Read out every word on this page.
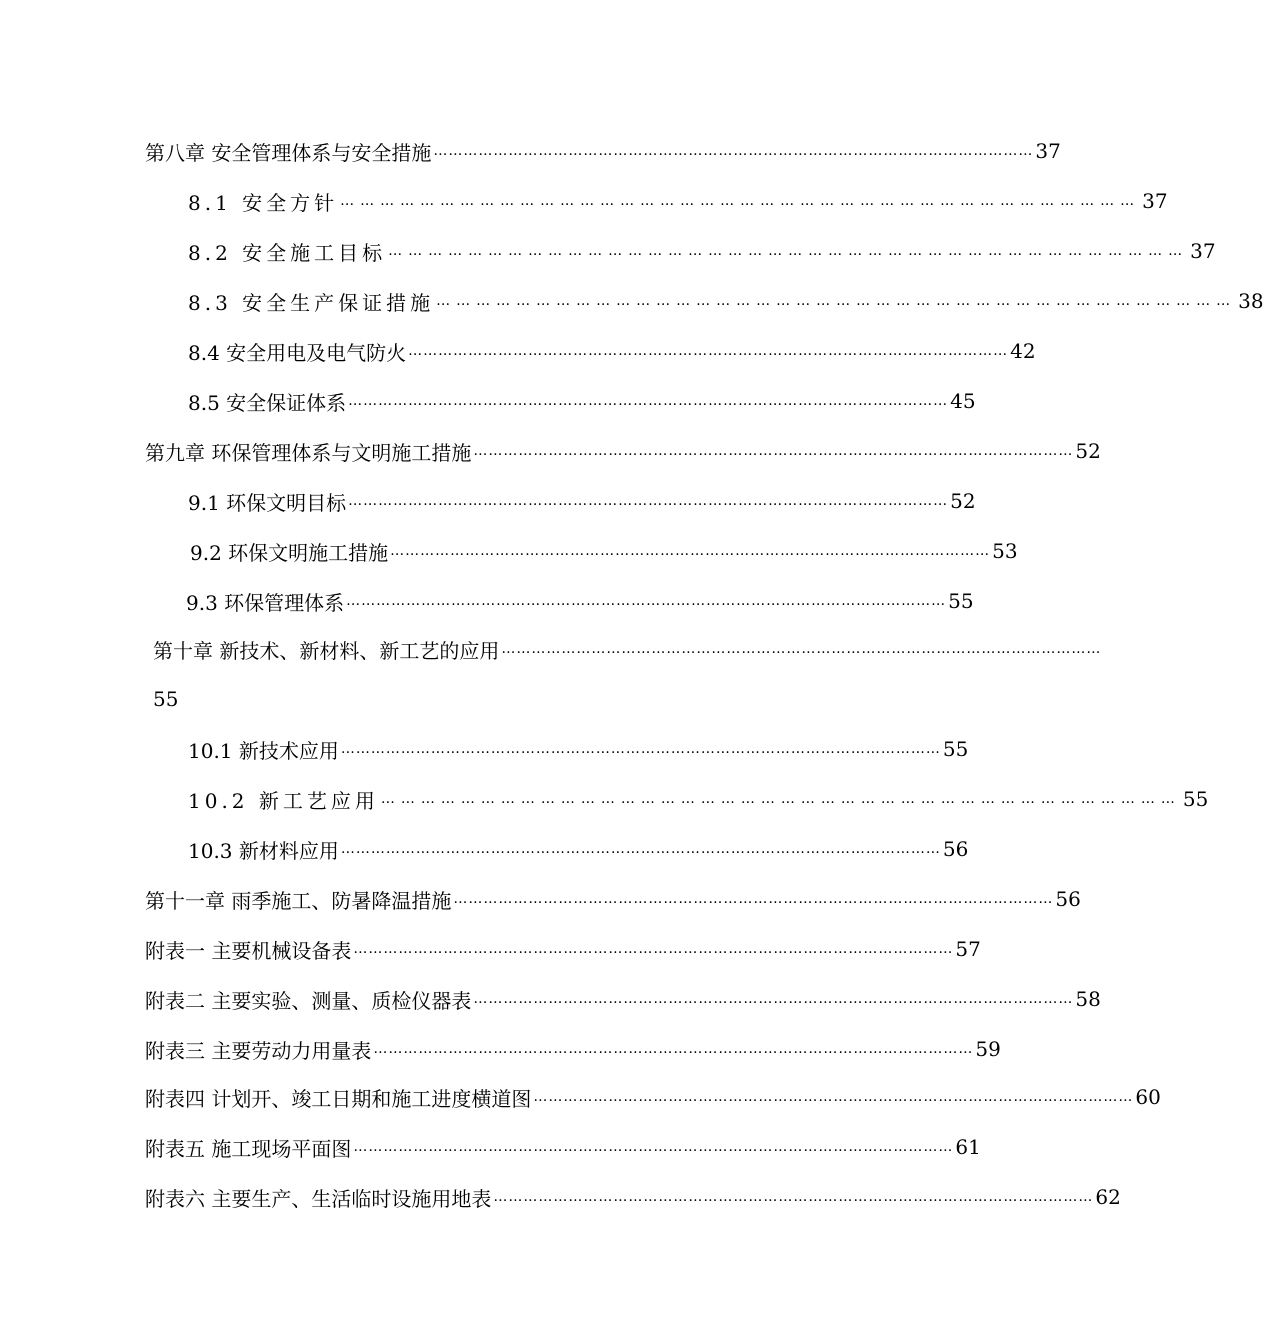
第八章 安全管理体系与安全措施 ………………………………………………………………………………………………………… 37
8.1 安全方针 ………………………………………………………………………………………………………… 37
8.2 安全施工目标 ………………………………………………………………………………………………………… 37
8.3 安全生产保证措施 ………………………………………………………………………………………………………… 38
8.4 安全用电及电气防火 ………………………………………………………………………………………………………… 42
8.5 安全保证体系 ………………………………………………………………………………………………………… 45
第九章 环保管理体系与文明施工措施 ………………………………………………………………………………………………………… 52
9.1 环保文明目标 ………………………………………………………………………………………………………… 52
9.2 环保文明施工措施 ………………………………………………………………………………………………………… 53
9.3 环保管理体系 ………………………………………………………………………………………………………… 55
第十章 新技术、新材料、新工艺的应用 …………………………………………………………………………………………………………
55
10.1 新技术应用 ………………………………………………………………………………………………………… 55
10.2 新工艺应用 ………………………………………………………………………………………………………… 55
10.3 新材料应用 ………………………………………………………………………………………………………… 56
第十一章 雨季施工、防暑降温措施 ………………………………………………………………………………………………………… 56
附表一 主要机械设备表 ………………………………………………………………………………………………………… 57
附表二 主要实验、测量、质检仪器表 ………………………………………………………………………………………………………… 58
附表三 主要劳动力用量表 ………………………………………………………………………………………………………… 59
附表四 计划开、竣工日期和施工进度横道图 ………………………………………………………………………………………………………… 60
附表五 施工现场平面图 ………………………………………………………………………………………………………… 61
附表六 主要生产、生活临时设施用地表 ………………………………………………………………………………………………………… 62
